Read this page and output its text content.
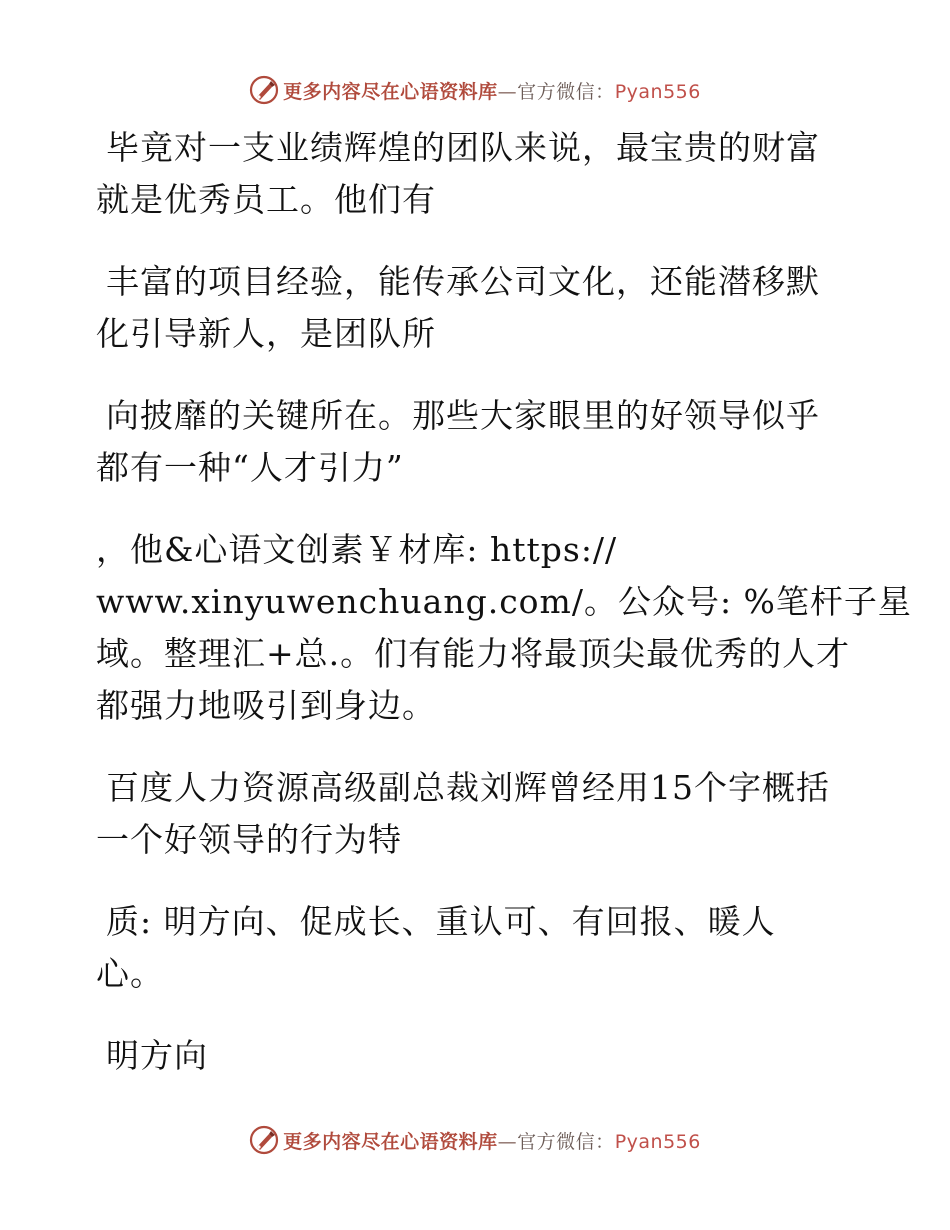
更多内容尽在心语资料库—官方微信：Pyan556

毕竟对一支业绩辉煌的团队来说，最宝贵的财富
就是优秀员工。他们有

丰富的项目经验，能传承公司文化，还能潜移默
化引导新人，是团队所

向披靡的关键所在。那些大家眼里的好领导似乎
都有一种“人才引力”

，他&心语文创素￥材库: https://
www.xinyuwenchuang.com/。公众号: %笔杆子星
域。整理汇+总.。们有能力将最顶尖最优秀的人才
都强力地吸引到身边。

百度人力资源高级副总裁刘辉曾经用15个字概括
一个好领导的行为特

质: 明方向、促成长、重认可、有回报、暖人
心。

明方向

更多内容尽在心语资料库—官方微信：Pyan556
